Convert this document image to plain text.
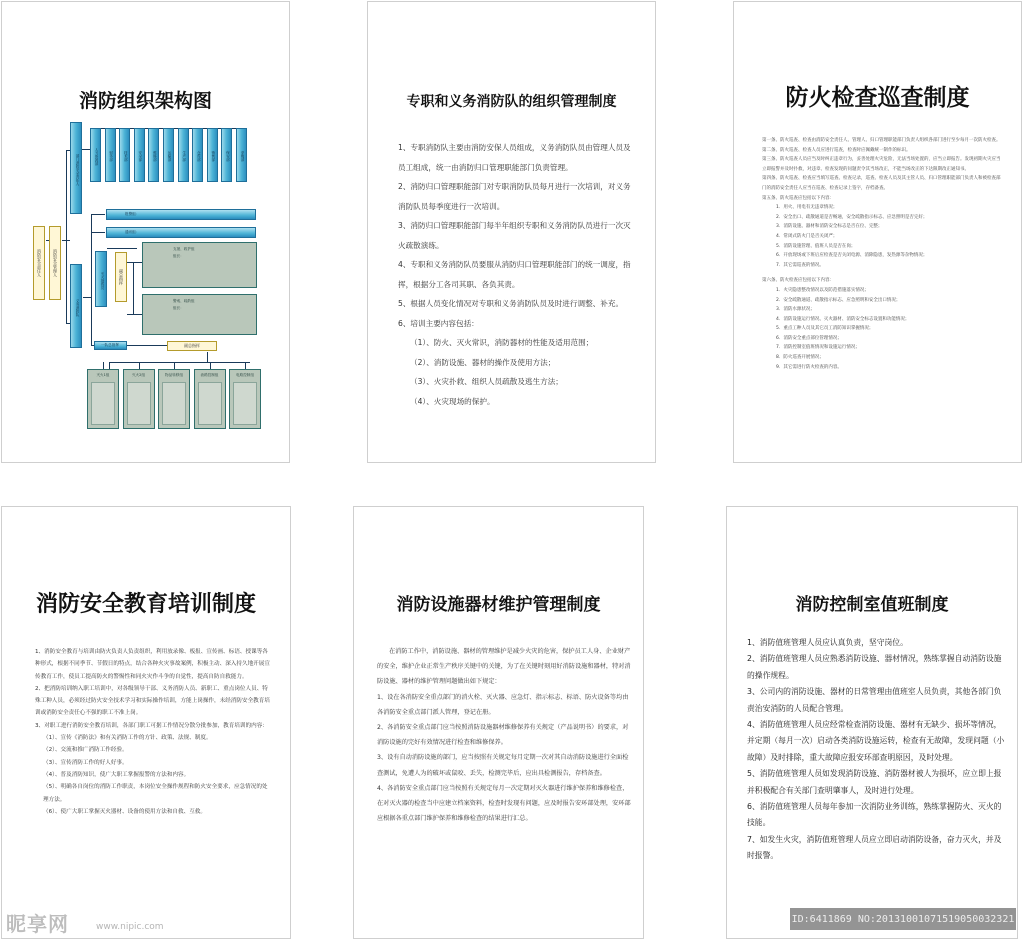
消防组织架构图
消防安全责任人	消防安全管理人
部门消防安全责任人
义务消防队
人力资源部	财务部	技术部	安全部	维修部	运输部	生产部	仓库部	销售部	保安部	采购部
报警组：
通讯组：
灭火指挥员	副总指挥
支援、救护组
组长：
警戒、疏散组
组长：
一队总指挥	副总指挥
灭火1组	灭火2组	物品转移组	油路控制组	电路控制组
专职和义务消防队的组织管理制度
1、专职消防队主要由消防安保人员组成，义务消防队员由管理人员及员工组成，统一由消防归口管理职能部门负责管理。
2、消防归口管理职能部门对专职消防队员每月进行一次培训，对义务消防队员每季度进行一次培训。
3、消防归口管理职能部门每半年组织专职和义务消防队员进行一次灭火疏散演练。
4、专职和义务消防队员要服从消防归口管理职能部门的统一调度，指挥，根据分工各司其职、各负其责。
5、根据人员变化情况对专职和义务消防队员及时进行调整、补充。
6、培训主要内容包括：
（1）、防火、灭火常识，消防器材的性能及适用范围；
（2）、消防设施、器材的操作及使用方法；
（3）、火灾扑救、组织人员疏散及逃生方法；
（4）、火灾现场的保护。
防火检查巡查制度
第一条、防火巡查、检查由消防安全责任人、管理人、归口管理职能部门负责人组织各部门进行至少每月一次防火检查。
第二条、防火巡查、检查人员应进行巡查，检查时应佩戴统一制作的标识。
第三条、防火巡查人员应当及时纠正违章行为，妥善处理火灾危险，无法当场处置的，应当立即报告。发现初期火灾应当立即报警并及时扑救，对违章、检查发现的问题责令其当场改正，不能当场改正的下达限期改正通知书。
第四条、防火巡查、检查应当填写巡查、检查记录，巡查、检查人员及其主管人员、归口管理职能部门负责人和被检查部门的消防安全责任人应当在巡查、检查记录上签字，存档备查。
第五条、防火巡查应包括以下内容：
1．用火、用电有无违章情况；
2．安全出口、疏散通道是否畅通，安全疏散指示标志、应急照明是否完好；
3．消防设施、器材和消防安全标志是否在位、完整；
4．常闭式防火门是否关闭严；
5．消防设施管理、值班人员是否在岗；
6．开放现场或下班后应检查是否关闭电源、消除隐患，发热源等杂物情况；
7．其它需巡查的情况。
第六条、防火检查应包括以下内容：
1．火灾隐患整改情况以及防范措施落实情况；
2．安全疏散通道、疏散指示标志、应急照明和安全出口情况；
3．消防水源状况；
4．消防设施运行情况、灭火器材、消防安全标志设置和功能情况；
5．重点工种人员及其它员工消防知识掌握情况；
6．消防安全重点部位管理情况；
7．消防控制室值班情况和设施运行情况；
8．防火巡查开展情况；
9．其它需进行防火检查的内容。
消防安全教育培训制度
1、消防安全教育与培训由防火负责人负责组织，利用放录像、板报、宣传画、标语、授课等各种形式，根据不同季节、节假日的特点，结合各种火灾事故案例，积极主动、深入持久地开展宣传教育工作，使员工提高防火的警惕性和同火灾作斗争的自觉性，提高自防自救能力。
2、把消防培训纳入职工培训中，对各级领导干部、义务消防人员、新职工、重点岗位人员、特殊工种人员，必须经过防火安全技术学习和实际操作培训，方能上岗操作，未经消防安全教育培训或消防安全责任心不强的职工不准上岗。
3、对职工进行消防安全教育培训，各部门职工可据工作情况分散分批参加，教育培训的内容：
（1）、宣传《消防法》和有关消防工作的方针、政策、法规、制度。
（2）、交流和推广消防工作经验。
（3）、宣传消防工作的好人好事。
（4）、普及消防知识，使广大职工掌握报警的方法和内容。
（5）、明确各自岗位的消防工作职责，本岗位安全操作规程和防火安全要求，应急情况的处理方法。
（6）、使广大职工掌握灭火器材、设备的使用方法和自救、互救。
消防设施器材维护管理制度
在消防工作中，消防设施、器材的管理维护是减少火灾的危害，保护员工人身、企业财产的安全，维护企业正常生产秩序关键中的关键，为了在关键时刻用好消防设施和器材，特对消防设施、器材的维护管理问题做出如下规定：
1、设在各消防安全重点部门的消火栓、灭火器、应急灯、指示标志、标语、防火设备等均由各消防安全重点部门派人管理，登记在册。
2、各消防安全重点部门应当按照消防设施器材维修保养有关规定（产品说明书）的要求，对消防设施的完好有效情况进行检查和维修保养。
3、设有自动消防设施的部门，应当按照有关规定每月定期一次对其自动消防设施进行全面检查测试，免遭人为的破坏或鼠咬、丢失，检测完毕后，应出具检测报告，存档备查。
4、各消防安全重点部门应当按照有关规定每月一次定期对灭火器进行维护保养和维修检查，在对灭火器的检查当中应建立档案资料，检查时发现有问题，应及时报告安环部处理，安环部应根据各重点部门维护保养和维修检查的结果进行汇总。
消防控制室值班制度
1、消防值班管理人员应认真负责，坚守岗位。
2、消防值班管理人员应熟悉消防设施、器材情况，熟练掌握自动消防设施的操作规程。
3、公司内的消防设施、器材的日常管理由值班室人员负责，其他各部门负责治安消防的人员配合管理。
4、消防值班管理人员应经常检查消防设施、器材有无缺少、损坏等情况，并定期（每月一次）启动各类消防设施运转，检查有无故障，发现问题（小故障）及时排除，重大故障应报安环部查明原因，及时处理。
5、消防值班管理人员如发现消防设施、消防器材被人为损坏，应立即上报并积极配合有关部门查明肇事人，及时进行处理。
6、消防值班管理人员每年参加一次消防业务训练，熟练掌握防火、灭火的技能。
7、如发生火灾，消防值班管理人员应立即启动消防设备，奋力灭火，并及时报警。
昵享网	www.nipic.com
ID:6411869 NO:20131001071519050032321
